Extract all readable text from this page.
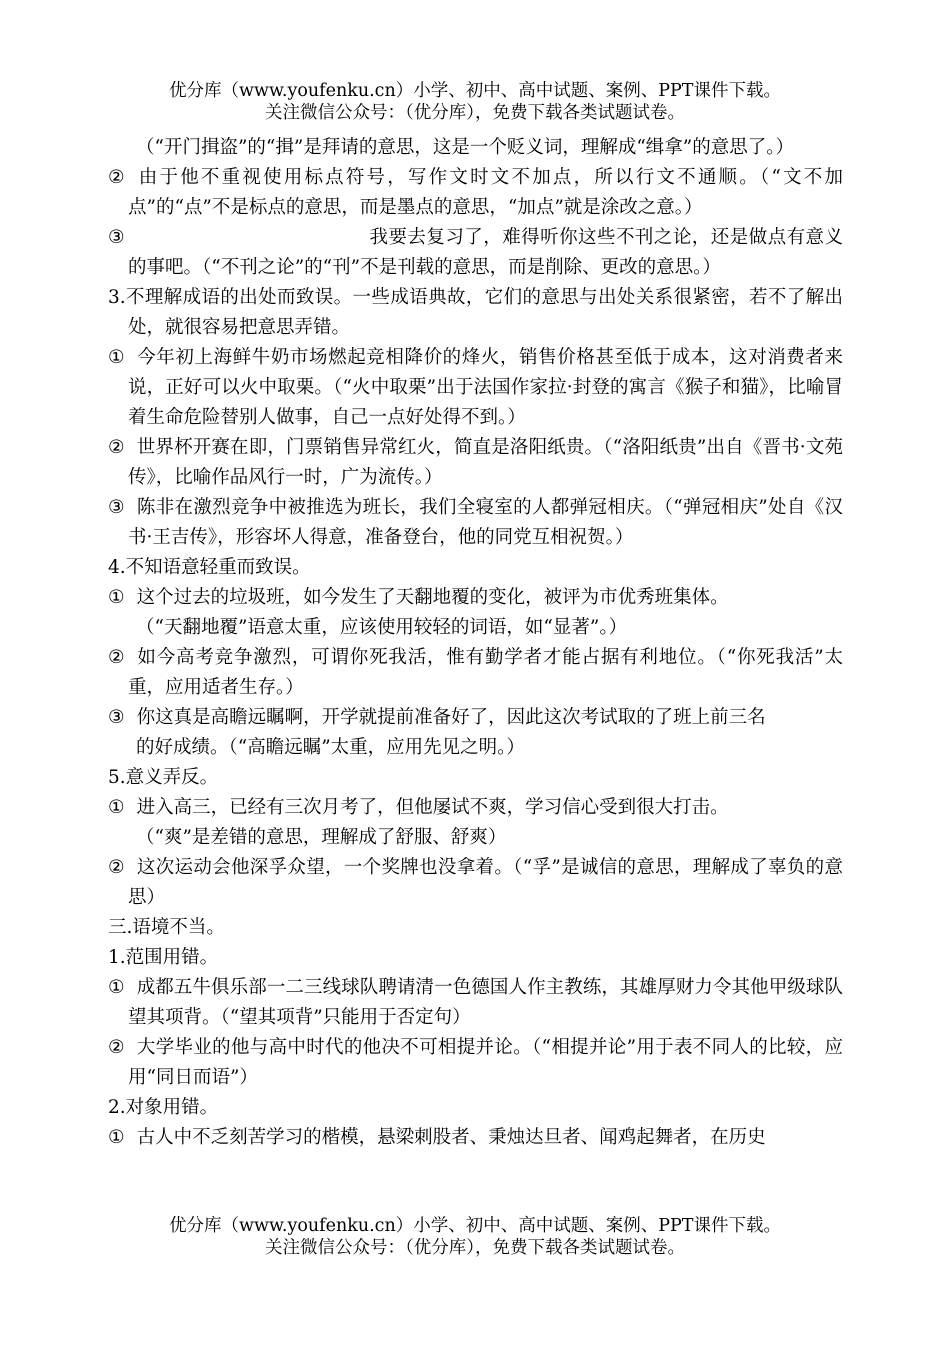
优分库（www.youfenku.cn）小学、初中、高中试题、案例、PPT课件下载。
关注微信公众号：（优分库），免费下载各类试题试卷。

（“开门揖盗”的“揖”是拜请的意思，这是一个贬义词，理解成“缉拿”的意思了。）

② 由于他不重视使用标点符号，写作文时文不加点，所以行文不通顺。（“文不加点”的“点”不是标点的意思，而是墨点的意思，“加点”就是涂改之意。）

③	我要去复习了，难得听你这些不刊之论，还是做点有意义的事吧。（“不刊之论”的“刊”不是刊载的意思，而是削除、更改的意思。）

3.不理解成语的出处而致误。一些成语典故，它们的意思与出处关系很紧密，若不了解出处，就很容易把意思弄错。

① 今年初上海鲜牛奶市场燃起竞相降价的烽火，销售价格甚至低于成本，这对消费者来说，正好可以火中取栗。（“火中取栗”出于法国作家拉·封登的寓言《猴子和猫》，比喻冒着生命危险替别人做事，自己一点好处得不到。）

② 世界杯开赛在即，门票销售异常红火，简直是洛阳纸贵。（“洛阳纸贵”出自《晋书·文苑传》，比喻作品风行一时，广为流传。）

③ 陈非在激烈竞争中被推选为班长，我们全寝室的人都弹冠相庆。（“弹冠相庆”处自《汉书·王吉传》，形容坏人得意，准备登台，他的同党互相祝贺。）

4.不知语意轻重而致误。

① 这个过去的垃圾班，如今发生了天翻地覆的变化，被评为市优秀班集体。

（“天翻地覆”语意太重，应该使用较轻的词语，如“显著”。）

② 如今高考竞争激烈，可谓你死我活，惟有勤学者才能占据有利地位。（“你死我活”太重，应用适者生存。）

③ 你这真是高瞻远瞩啊，开学就提前准备好了，因此这次考试取的了班上前三名

的好成绩。（“高瞻远瞩”太重，应用先见之明。）

5.意义弄反。

① 进入高三，已经有三次月考了，但他屡试不爽，学习信心受到很大打击。

（“爽”是差错的意思，理解成了舒服、舒爽）

② 这次运动会他深孚众望，一个奖牌也没拿着。（“孚”是诚信的意思，理解成了辜负的意思）

三.语境不当。

1.范围用错。

① 成都五牛俱乐部一二三线球队聘请清一色德国人作主教练，其雄厚财力令其他甲级球队望其项背。（“望其项背”只能用于否定句）

② 大学毕业的他与高中时代的他决不可相提并论。（“相提并论”用于表不同人的比较，应用“同日而语”）

2.对象用错。

① 古人中不乏刻苦学习的楷模，悬梁刺股者、秉烛达旦者、闻鸡起舞者，在历史

优分库（www.youfenku.cn）小学、初中、高中试题、案例、PPT课件下载。
关注微信公众号：（优分库），免费下载各类试题试卷。
